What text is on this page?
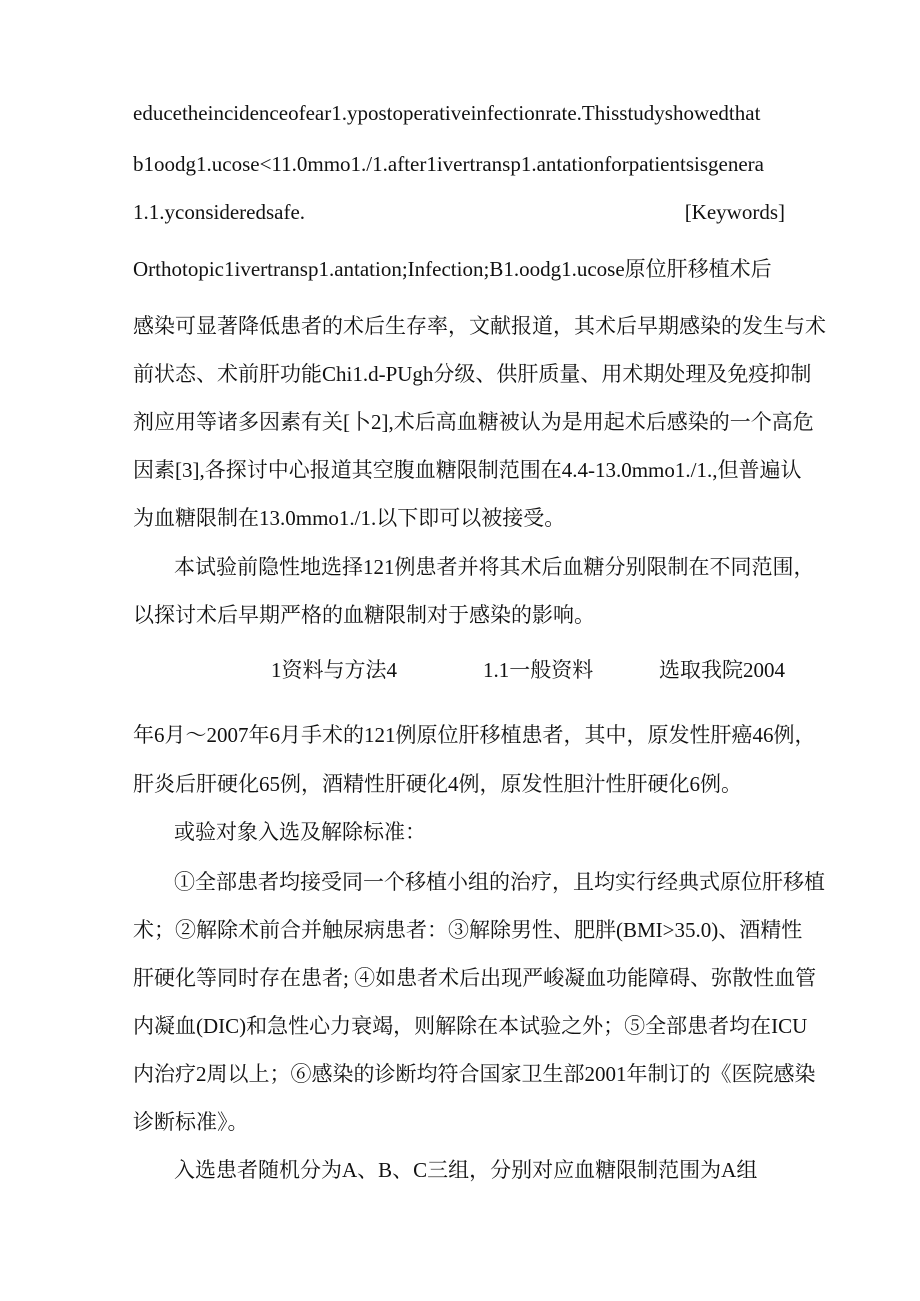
educetheincidenceofear1.ypostoperativeinfectionrate.Thisstudyshowedthat
b1oodg1.ucose<11.0mmo1./1.after1ivertransp1.antationforpatientsisgenera
1.1.yconsideredsafe.	[Keywords]
Orthotopic1ivertransp1.antation;Infection;B1.oodg1.ucose原位肝移植术后
感染可显著降低患者的术后生存率，文献报道，其术后早期感染的发生与术
前状态、术前肝功能Chi1.d-PUgh分级、供肝质量、用术期处理及免疫抑制
剂应用等诸多因素有关[卜2],术后高血糖被认为是用起术后感染的一个高危
因素[3],各探讨中心报道其空腹血糖限制范围在4.4-13.0mmo1./1.,但普遍认
为血糖限制在13.0mmo1./1.以下即可以被接受。
本试验前隐性地选择121例患者并将其术后血糖分别限制在不同范围，
以探讨术后早期严格的血糖限制对于感染的影响。
1资料与方法4	1.1一般资料	选取我院2004
年6月～2007年6月手术的121例原位肝移植患者，其中，原发性肝癌46例，
肝炎后肝硬化65例，酒精性肝硬化4例，原发性胆汁性肝硬化6例。
或验对象入选及解除标准：
①全部患者均接受同一个移植小组的治疗，且均实行经典式原位肝移植
术；②解除术前合并触尿病患者：③解除男性、肥胖(BMI>35.0)、酒精性
肝硬化等同时存在患者; ④如患者术后出现严峻凝血功能障碍、弥散性血管
内凝血(DIC)和急性心力衰竭，则解除在本试验之外；⑤全部患者均在ICU
内治疗2周以上；⑥感染的诊断均符合国家卫生部2001年制订的《医院感染
诊断标准》。
入选患者随机分为A、B、C三组，分别对应血糖限制范围为A组
